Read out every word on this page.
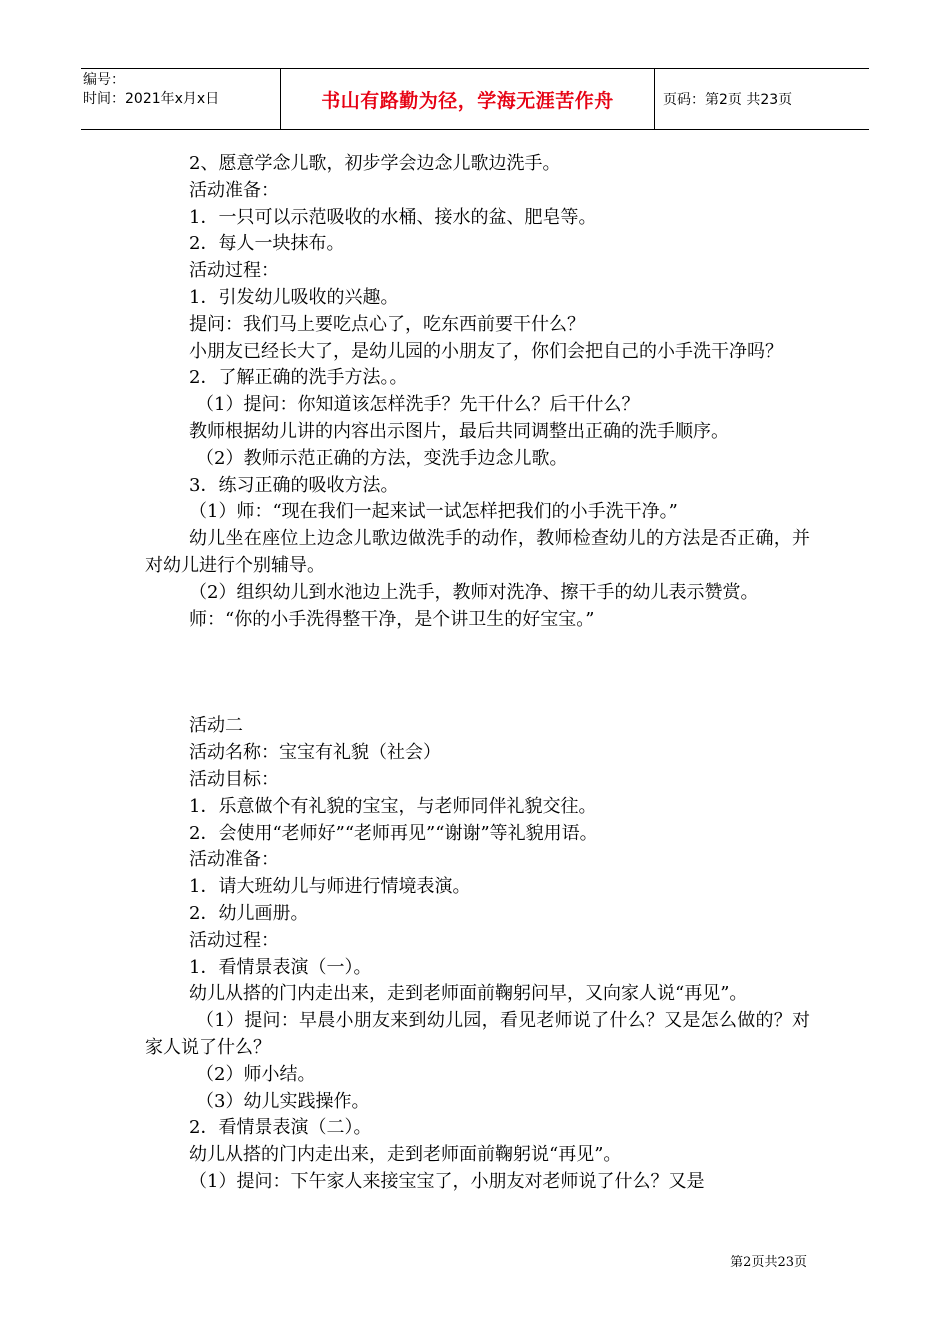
编号：
时间：2021年x月x日	书山有路勤为径，学海无涯苦作舟	页码：第2页 共23页

2、愿意学念儿歌，初步学会边念儿歌边洗手。

活动准备：

1．一只可以示范吸收的水桶、接水的盆、肥皂等。

2．每人一块抹布。

活动过程：

1．引发幼儿吸收的兴趣。

提问：我们马上要吃点心了，吃东西前要干什么？

小朋友已经长大了，是幼儿园的小朋友了，你们会把自己的小手洗干净吗？

2．了解正确的洗手方法。。

（1）提问：你知道该怎样洗手？先干什么？后干什么？

教师根据幼儿讲的内容出示图片，最后共同调整出正确的洗手顺序。

（2）教师示范正确的方法，变洗手边念儿歌。

3．练习正确的吸收方法。

（1）师：“现在我们一起来试一试怎样把我们的小手洗干净。”

幼儿坐在座位上边念儿歌边做洗手的动作，教师检查幼儿的方法是否正确，并对幼儿进行个别辅导。

（2）组织幼儿到水池边上洗手，教师对洗净、擦干手的幼儿表示赞赏。

师：“你的小手洗得整干净，是个讲卫生的好宝宝。”

活动二

活动名称：宝宝有礼貌（社会）

活动目标：

1．乐意做个有礼貌的宝宝，与老师同伴礼貌交往。

2．会使用“老师好”“老师再见”“谢谢”等礼貌用语。

活动准备：

1．请大班幼儿与师进行情境表演。

2．幼儿画册。

活动过程：

1．看情景表演（一）。

幼儿从搭的门内走出来，走到老师面前鞠躬问早，又向家人说“再见”。

（1）提问：早晨小朋友来到幼儿园，看见老师说了什么？又是怎么做的？对家人说了什么？

（2）师小结。

（3）幼儿实践操作。

2．看情景表演（二）。

幼儿从搭的门内走出来，走到老师面前鞠躬说“再见”。

（1）提问：下午家人来接宝宝了，小朋友对老师说了什么？又是

第2页共23页
